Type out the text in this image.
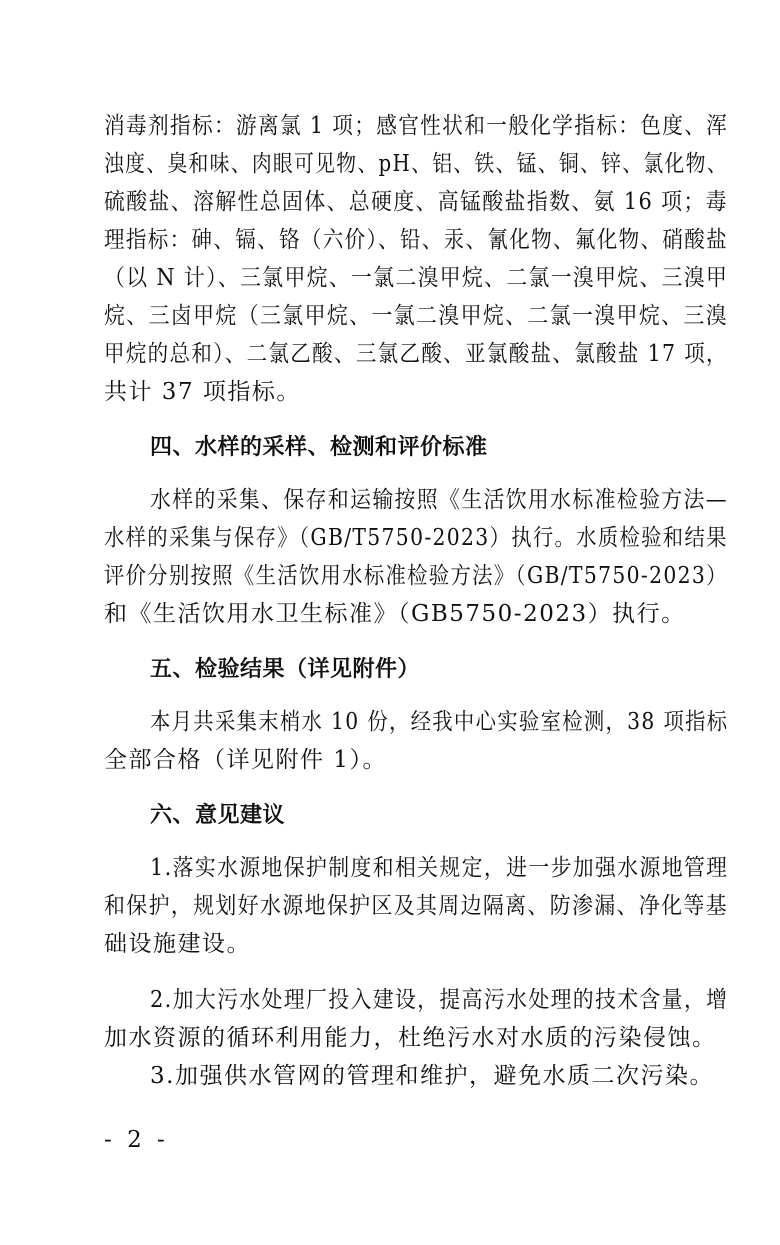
消毒剂指标：游离氯 1 项；感官性状和一般化学指标：色度、浑
浊度、臭和味、肉眼可见物、pH、铝、铁、锰、铜、锌、氯化物、
硫酸盐、溶解性总固体、总硬度、高锰酸盐指数、氨 16 项；毒
理指标：砷、镉、铬（六价）、铅、汞、氰化物、氟化物、硝酸盐
（以 N 计）、三氯甲烷、一氯二溴甲烷、二氯一溴甲烷、三溴甲
烷、三卤甲烷（三氯甲烷、一氯二溴甲烷、二氯一溴甲烷、三溴
甲烷的总和）、二氯乙酸、三氯乙酸、亚氯酸盐、氯酸盐 17 项，
共计 37 项指标。
四、水样的采样、检测和评价标准
水样的采集、保存和运输按照《生活饮用水标准检验方法—
水样的采集与保存》（GB/T5750-2023）执行。水质检验和结果
评价分别按照《生活饮用水标准检验方法》（GB/T5750-2023）
和《生活饮用水卫生标准》（GB5750-2023）执行。
五、检验结果（详见附件）
本月共采集末梢水 10 份，经我中心实验室检测，38 项指标
全部合格（详见附件 1）。
六、意见建议
1.落实水源地保护制度和相关规定，进一步加强水源地管理
和保护，规划好水源地保护区及其周边隔离、防渗漏、净化等基
础设施建设。
2.加大污水处理厂投入建设，提高污水处理的技术含量，增
加水资源的循环利用能力，杜绝污水对水质的污染侵蚀。
3.加强供水管网的管理和维护，避免水质二次污染。
- 2 -
